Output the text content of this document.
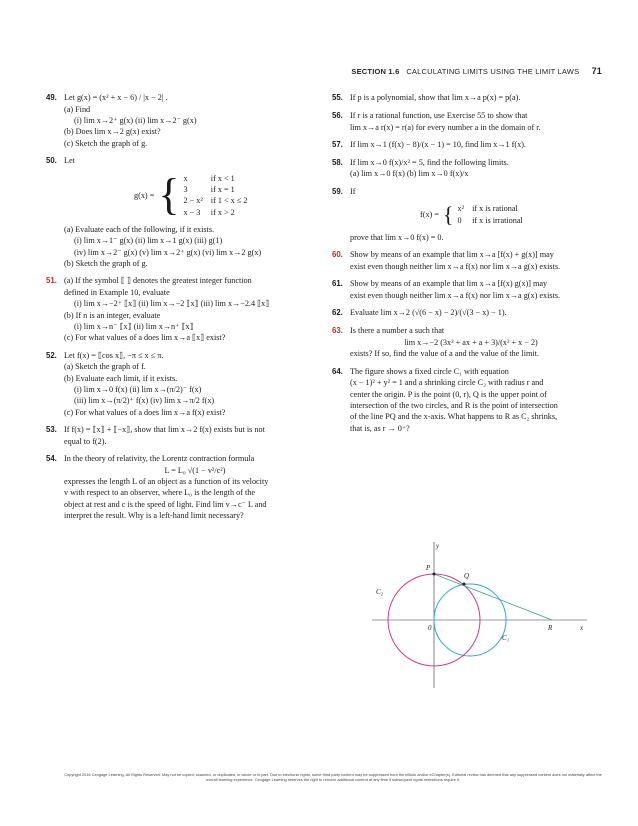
SECTION 1.6 CALCULATING LIMITS USING THE LIMIT LAWS 71
49. Let g(x) = (x² + x − 6) / |x − 2| .
(a) Find
(i) lim x→2⁺ g(x) (ii) lim x→2⁻ g(x)
(b) Does lim x→2 g(x) exist?
(c) Sketch the graph of g.
50. Let
g(x) = { x	if x < 1
3	if x = 1
2 − x² if 1 < x ≤ 2
x − 3 if x > 2
(a) Evaluate each of the following, if it exists.
(i) lim x→1⁻ g(x) (ii) lim x→1 g(x) (iii) g(1)
(iv) lim x→2⁻ g(x) (v) lim x→2⁺ g(x) (vi) lim x→2 g(x)
(b) Sketch the graph of g.
51. (a) If the symbol ⟦ ⟧ denotes the greatest integer function
defined in Example 10, evaluate
(i) lim x→−2⁺ ⟦x⟧ (ii) lim x→−2 ⟦x⟧ (iii) lim x→−2.4 ⟦x⟧
(b) If n is an integer, evaluate
(i) lim x→n⁻ ⟦x⟧ (ii) lim x→n⁺ ⟦x⟧
(c) For what values of a does lim x→a ⟦x⟧ exist?
52. Let f(x) = ⟦cos x⟧, −π ≤ x ≤ π.
(a) Sketch the graph of f.
(b) Evaluate each limit, if it exists.
(i) lim x→0 f(x) (ii) lim x→(π/2)⁻ f(x)
(iii) lim x→(π/2)⁺ f(x) (iv) lim x→π/2 f(x)
(c) For what values of a does lim x→a f(x) exist?
53. If f(x) = ⟦x⟧ + ⟦−x⟧, show that lim x→2 f(x) exists but is not
equal to f(2).
54. In the theory of relativity, the Lorentz contraction formula
L = L₀ √(1 − v²/c²)
expresses the length L of an object as a function of its velocity
v with respect to an observer, where L₀ is the length of the
object at rest and c is the speed of light. Find lim v→c⁻ L and
interpret the result. Why is a left-hand limit necessary?
55. If p is a polynomial, show that lim x→a p(x) = p(a).
56. If r is a rational function, use Exercise 55 to show that
lim x→a r(x) = r(a) for every number a in the domain of r.
57. If lim x→1 (f(x) − 8)/(x − 1) = 10, find lim x→1 f(x).
58. If lim x→0 f(x)/x² = 5, find the following limits.
(a) lim x→0 f(x) (b) lim x→0 f(x)/x
59. If
f(x) = { x² if x is rational
0	if x is irrational
prove that lim x→0 f(x) = 0.
60. Show by means of an example that lim x→a [f(x) + g(x)] may
exist even though neither lim x→a f(x) nor lim x→a g(x) exists.
61. Show by means of an example that lim x→a [f(x) g(x)] may
exist even though neither lim x→a f(x) nor lim x→a g(x) exists.
62. Evaluate lim x→2 (√(6 − x) − 2)/(√(3 − x) − 1).
63. Is there a number a such that
lim x→−2 (3x² + ax + a + 3)/(x² + x − 2)
exists? If so, find the value of a and the value of the limit.
64. The figure shows a fixed circle C₁ with equation
(x − 1)² + y² = 1 and a shrinking circle C₂ with radius r and
center the origin. P is the point (0, r), Q is the upper point of
intersection of the two circles, and R is the point of intersection
of the line PQ and the x-axis. What happens to R as C₂ shrinks,
that is, as r → 0⁺?
y
x
P
Q
R
0
C₁
C₂
Copyright 2016 Cengage Learning. All Rights Reserved. May not be copied, scanned, or duplicated, in whole or in part. Due to electronic rights, some third party content may be suppressed from the eBook and/or eChapter(s). Editorial review has deemed that any suppressed content does not materially affect the overall learning experience. Cengage Learning reserves the right to remove additional content at any time if subsequent rights restrictions require it.
